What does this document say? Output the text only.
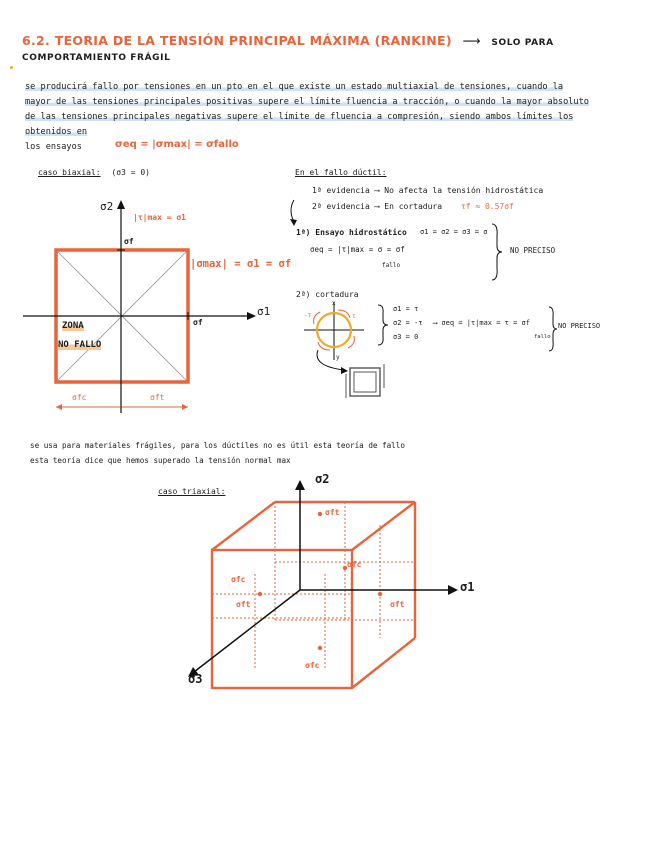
6.2. TEORIA DE LA TENSIÓN PRINCIPAL MÁXIMA (RANKINE) ⟶ SOLO PARA COMPORTAMIENTO FRÁGIL
se producirá fallo por tensiones en un pto en el que existe un estado multiaxial de tensiones, cuando la
mayor de las tensiones principales positivas supere el límite fluencia a tracción, o cuando la mayor absoluto
de las tensiones principales negativas supere el límite de fluencia a compresión, siendo ambos límites los obtenidos en
los ensayos	σeq = |σmax| = σfallo
caso biaxial: (σ3 = 0)
σ2
σ1
|τ|max = σ1
|σmax| = σ1 = σf
σf
σf
ZONA
NO FALLO
σfc	σft
En el fallo dúctil:
1ª evidencia ⟶ No afecta la tensión hidrostática
2ª evidencia ⟶ En cortadura τf ≈ 0.57σf
1ª) Ensayo hidrostático σ1 = σ2 = σ3 = σ
σeq = |τ|max = σ = σf
fallo
NO PRECISO
2ª) cortadura
x
τ
-τ
y
σ1 = τ
σ2 = -τ
σ3 = 0
⟶ σeq = |τ|max = τ = σf
fallo
NO PRECISO
se usa para materiales frágiles, para los dúctiles no es útil esta teoría de fallo
esta teoría dice que hemos superado la tensión normal max
caso triaxial:
σ2
σ1
σ3
σft
σfc
σfc
σft	σft
σfc
